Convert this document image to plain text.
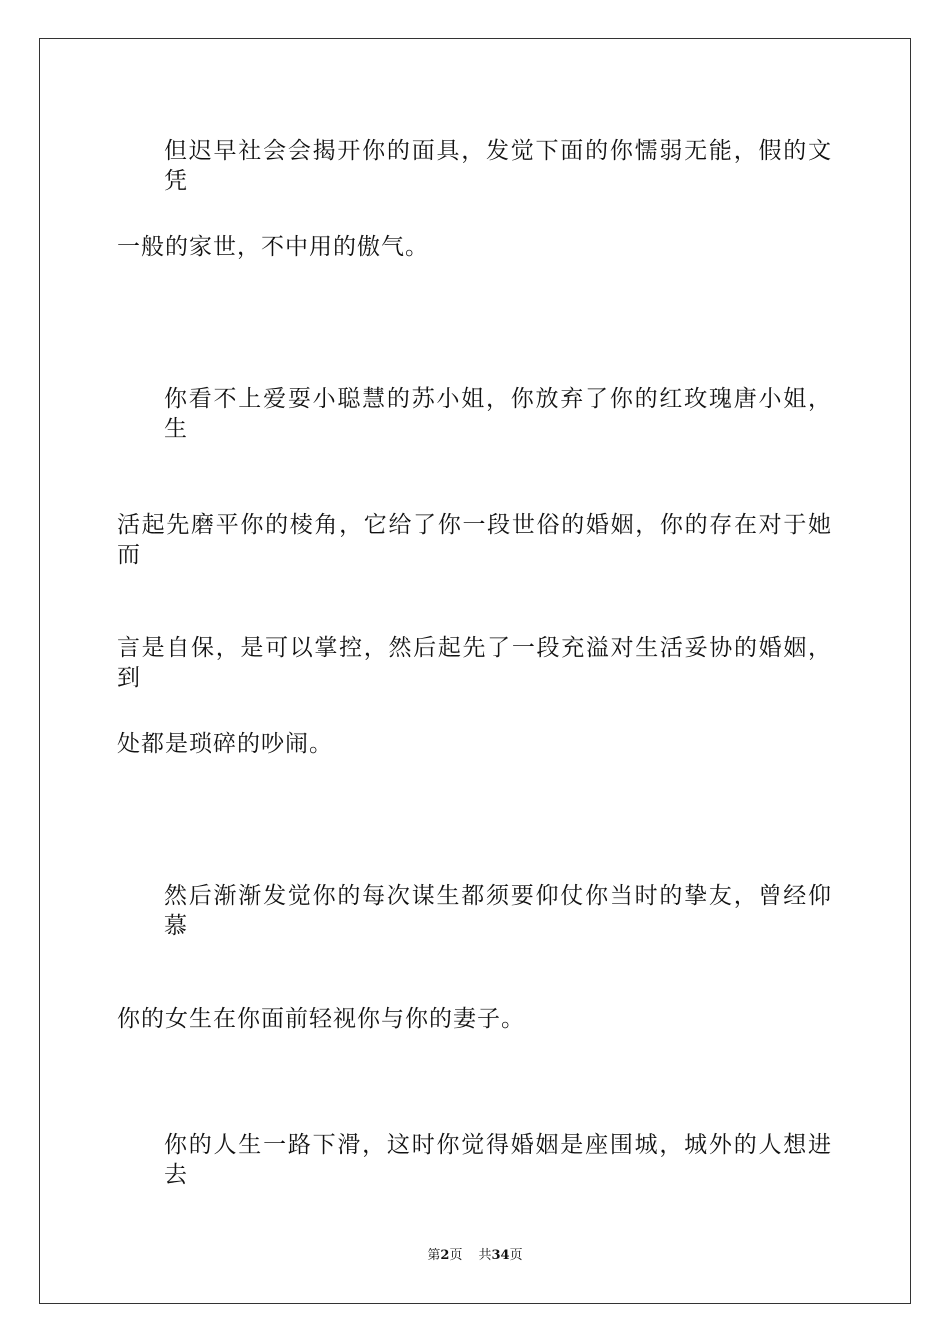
但迟早社会会揭开你的面具，发觉下面的你懦弱无能，假的文凭
一般的家世，不中用的傲气。
你看不上爱耍小聪慧的苏小姐，你放弃了你的红玫瑰唐小姐，生
活起先磨平你的棱角，它给了你一段世俗的婚姻，你的存在对于她而
言是自保，是可以掌控，然后起先了一段充溢对生活妥协的婚姻，到
处都是琐碎的吵闹。
然后渐渐发觉你的每次谋生都须要仰仗你当时的挚友，曾经仰慕
你的女生在你面前轻视你与你的妻子。
你的人生一路下滑，这时你觉得婚姻是座围城，城外的人想进去
第2页 共34页
